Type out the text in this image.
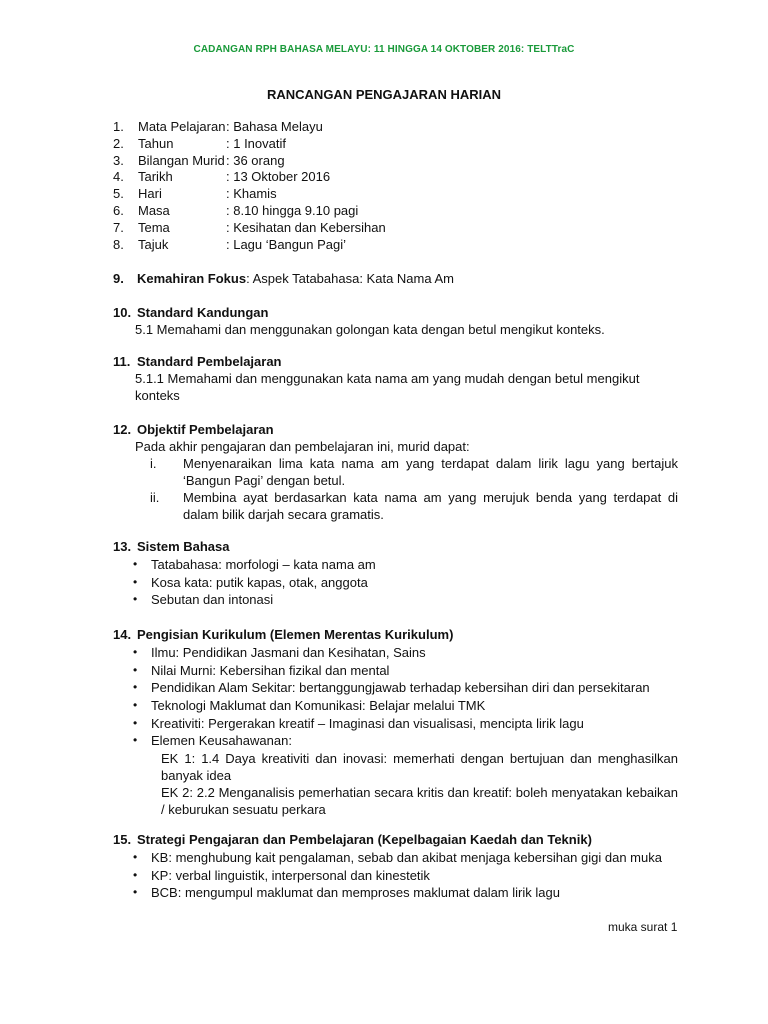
CADANGAN RPH BAHASA MELAYU: 11 HINGGA 14 OKTOBER 2016: TELTTraC
RANCANGAN PENGAJARAN HARIAN
1.	Mata Pelajaran : Bahasa Melayu
2.	Tahun	: 1 Inovatif
3.	Bilangan Murid : 36 orang
4.	Tarikh	: 13 Oktober 2016
5.	Hari	: Khamis
6.	Masa	: 8.10 hingga 9.10 pagi
7.	Tema	: Kesihatan dan Kebersihan
8.	Tajuk	: Lagu ‘Bangun Pagi’
9.	Kemahiran Fokus : Aspek Tatabahasa: Kata Nama Am
10. Standard Kandungan
5.1 Memahami dan menggunakan golongan kata dengan betul mengikut konteks.
11. Standard Pembelajaran
5.1.1 Memahami dan menggunakan kata nama am yang mudah dengan betul mengikut
konteks
12. Objektif Pembelajaran
Pada akhir pengajaran dan pembelajaran ini, murid dapat:
i.	Menyenaraikan lima kata nama am yang terdapat dalam lirik lagu yang bertajuk ‘Bangun Pagi’ dengan betul.
ii.	Membina ayat berdasarkan kata nama am yang merujuk benda yang terdapat di dalam bilik darjah secara gramatis.
13. Sistem Bahasa
•	Tatabahasa: morfologi – kata nama am
•	Kosa kata: putik kapas, otak, anggota
•	Sebutan dan intonasi
14. Pengisian Kurikulum (Elemen Merentas Kurikulum)
•	Ilmu: Pendidikan Jasmani dan Kesihatan, Sains
•	Nilai Murni: Kebersihan fizikal dan mental
•	Pendidikan Alam Sekitar: bertanggungjawab terhadap kebersihan diri dan persekitaran
•	Teknologi Maklumat dan Komunikasi: Belajar melalui TMK
•	Kreativiti: Pergerakan kreatif – Imaginasi dan visualisasi, mencipta lirik lagu
•	Elemen Keusahawanan:
EK 1: 1.4 Daya kreativiti dan inovasi: memerhati dengan bertujuan dan menghasilkan banyak idea
EK 2: 2.2 Menganalisis pemerhatian secara kritis dan kreatif: boleh menyatakan kebaikan / keburukan sesuatu perkara
15. Strategi Pengajaran dan Pembelajaran (Kepelbagaian Kaedah dan Teknik)
•	KB: menghubung kait pengalaman, sebab dan akibat menjaga kebersihan gigi dan muka
•	KP: verbal linguistik, interpersonal dan kinestetik
•	BCB: mengumpul maklumat dan memproses maklumat dalam lirik lagu
muka surat 1
